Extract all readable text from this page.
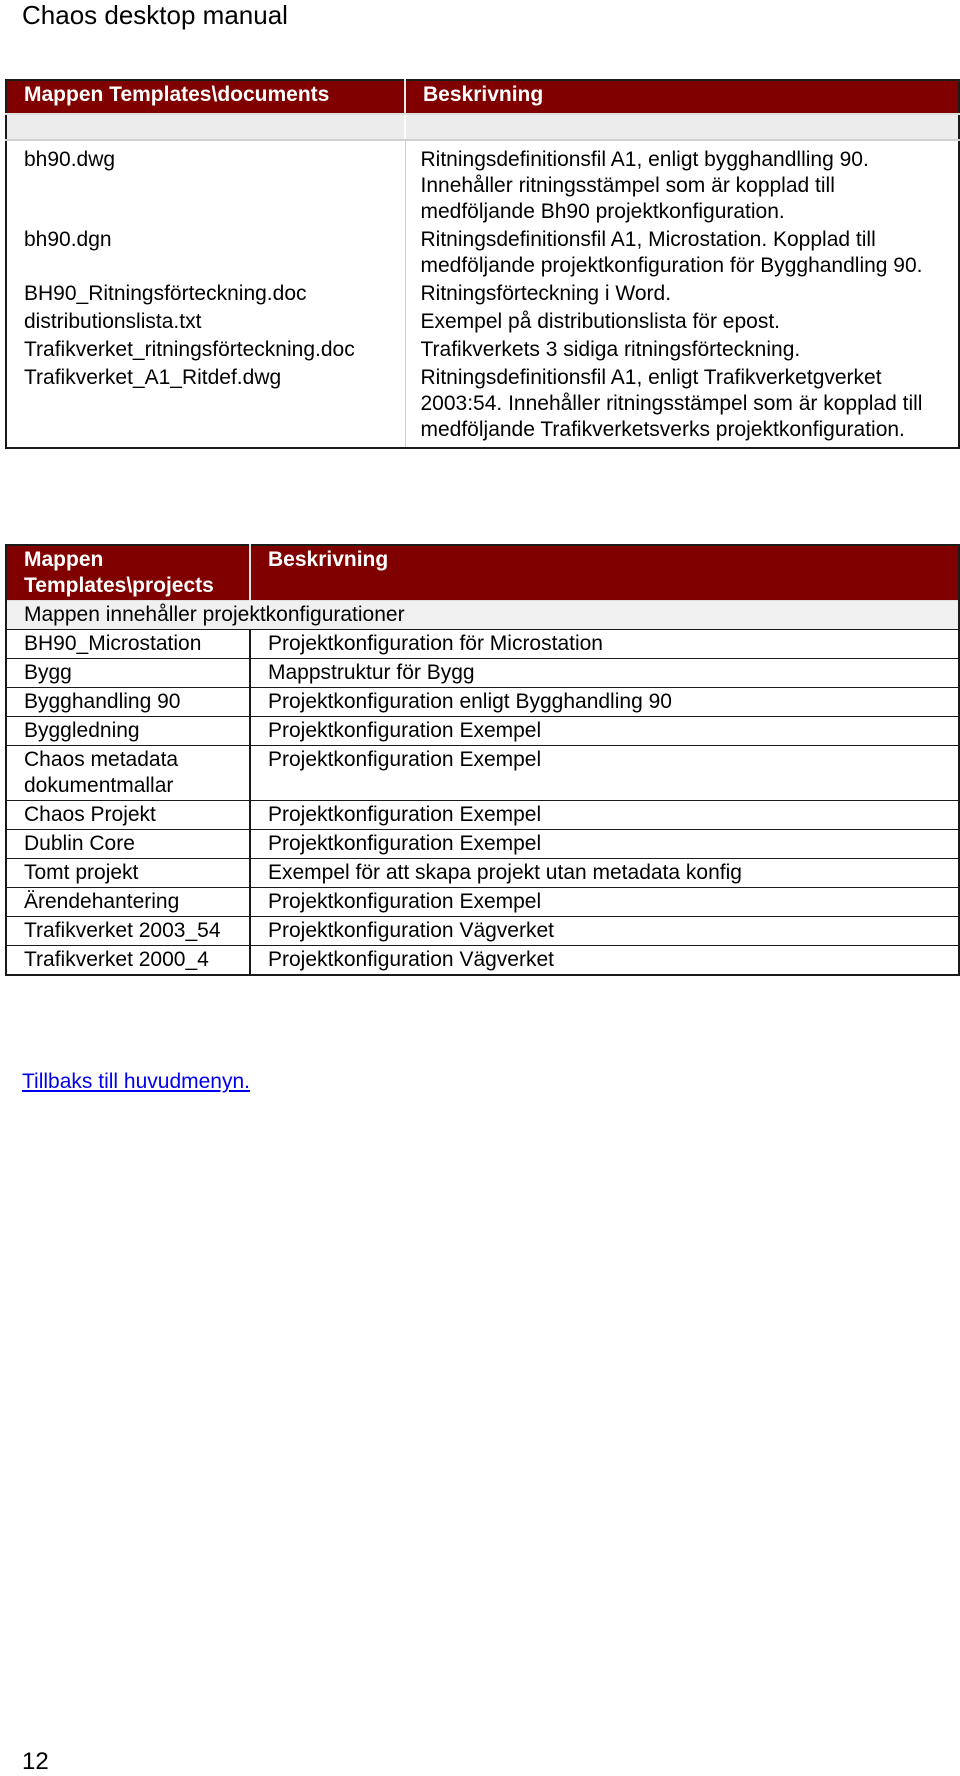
Chaos desktop manual
Mappen Templates\documents	Beskrivning

bh90.dwg	Ritningsdefinitionsfil A1, enligt bygghandlling 90. Innehåller ritningsstämpel som är kopplad till medföljande Bh90 projektkonfiguration.
bh90.dgn	Ritningsdefinitionsfil A1, Microstation. Kopplad till medföljande projektkonfiguration för Bygghandling 90.
BH90_Ritningsförteckning.doc	Ritningsförteckning i Word.
distributionslista.txt	Exempel på distributionslista för epost.
Trafikverket_ritningsförteckning.doc	Trafikverkets 3 sidiga ritningsförteckning.
Trafikverket_A1_Ritdef.dwg	Ritningsdefinitionsfil A1, enligt Trafikverketgverket 2003:54. Innehåller ritningsstämpel som är kopplad till medföljande Trafikverketsverks projektkonfiguration.
Mappen Templates\projects	Beskrivning
Mappen innehåller projektkonfigurationer	
BH90_Microstation	Projektkonfiguration för Microstation
Bygg	Mappstruktur för Bygg
Bygghandling 90	Projektkonfiguration enligt Bygghandling 90
Byggledning	Projektkonfiguration Exempel
Chaos metadata dokumentmallar	Projektkonfiguration Exempel
Chaos Projekt	Projektkonfiguration Exempel
Dublin Core	Projektkonfiguration Exempel
Tomt projekt	Exempel för att skapa projekt utan metadata konfig
Ärendehantering	Projektkonfiguration Exempel
Trafikverket 2003_54	Projektkonfiguration Vägverket
Trafikverket 2000_4	Projektkonfiguration Vägverket
Tillbaks till huvudmenyn.
12
